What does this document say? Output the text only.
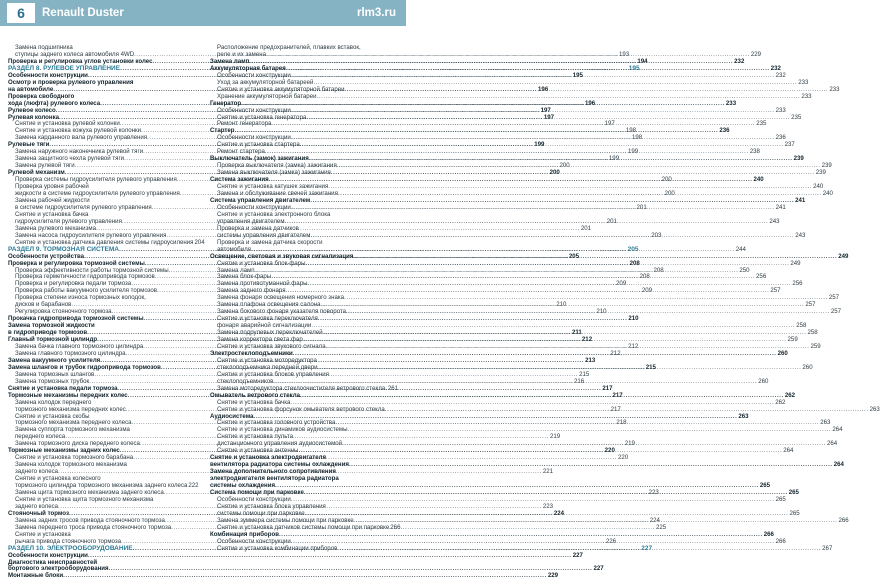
6	Renault Duster	rlm3.ru
Замена подшипника
ступицы заднего колеса автомобиля 4WD .....	193
Проверка и регулировка углов установки колес .....	194
РАЗДЕЛ 8. РУЛЕВОЕ УПРАВЛЕНИЕ .....	195
Особенности конструкции .....	195
Осмотр и проверка рулевого управления
на автомобиле .....	196
Проверка свободного
хода (люфта) рулевого колеса .....	196
Рулевое колесо .....	197
Рулевая колонка .....	197
Снятие и установка рулевой колонки .....	197
Снятие и установка кожуха рулевой колонки .....	198
Замена карданного вала рулевого управления .....	198
Рулевые тяги .....	199
Замена наружного наконечника рулевой тяги .....	199
Замена защитного чехла рулевой тяги .....	199
Замена рулевой тяги .....	200
Рулевой механизм .....	200
Проверка системы гидроусилителя рулевого управления .....	200
Проверка уровня рабочей
жидкости в системе гидроусилителя рулевого управления .....	200
Замена рабочей жидкости
в системе гидроусилителя рулевого управления .....	201
Снятие и установка бачка
гидроусилителя рулевого управления .....	201
Замена рулевого механизма .....	201
Замена насоса гидроусилителя рулевого управления .....	203
Снятие и установка датчика давления системы гидроусиления 204
РАЗДЕЛ 9. ТОРМОЗНАЯ СИСТЕМА .....	205
Особенности устройства .....	205
Проверка и регулировка тормозной системы .....	208
Проверка эффективности работы тормозной системы .....	208
Проверка герметичности гидропривода тормозов .....	208
Проверка и регулировка педали тормоза .....	209
Проверка работы вакуумного усилителя тормозов .....	209
Проверка степени износа тормозных колодок,
дисков и барабанов .....	210
Регулировка стояночного тормоза .....	210
Прокачка гидропривода тормозной системы .....	210
Замена тормозной жидкости
в гидроприводе тормозов .....	211
Главный тормозной цилиндр .....	212
Замена бачка главного тормозного цилиндра .....	212
Замена главного тормозного цилиндра .....	212
Замена вакуумного усилителя .....	213
Замена шлангов и трубок гидропривода тормозов .....	215
Замена тормозных шлангов .....	215
Замена тормозных трубок .....	216
Снятие и установка педали тормоза .....	217
Тормозные механизмы передних колес .....	217
Замена колодок переднего
тормозного механизма передних колес .....	217
Снятие и установка скобы
тормозного механизма переднего колеса .....	218
Замена суппорта тормозного механизма
переднего колеса .....	219
Замена тормозного диска переднего колеса .....	219
Тормозные механизмы задних колес .....	220
Снятие и установка тормозного барабана .....	220
Замена колодок тормозного механизма
заднего колеса .....	221
Снятие и установка колесного
тормозного цилиндра тормозного механизма заднего колеса 222
Замена щита тормозного механизма заднего колеса .....	223
Снятие и установка щита тормозного механизма
заднего колеса .....	223
Стояночный тормоз .....	224
Замена задних тросов привода стояночного тормоза .....	224
Замена переднего троса привода стояночного тормоза .....	225
Снятие и установка
рычага привода стояночного тормоза .....	226
РАЗДЕЛ 10. ЭЛЕКТРООБОРУДОВАНИЕ .....	227
Особенности конструкции .....	227
Диагностика неисправностей
бортового электрооборудования .....	227
Монтажные блоки .....	229
Расположение предохранителей, плавких вставок,
реле и их замена .....	229
Замена ламп .....	232
Аккумуляторная батарея .....	232
Особенности конструкции .....	232
Уход за аккумуляторной батареей .....	233
Снятие и установка аккумуляторной батареи .....	233
Хранение аккумуляторной батареи .....	233
Генератор .....	233
Особенности конструкции .....	233
Снятие и установка генератора .....	235
Ремонт генератора .....	235
Стартер .....	236
Особенности конструкции .....	236
Снятие и установка стартера .....	237
Ремонт стартера .....	238
Выключатель (замок) зажигания .....	239
Проверка выключателя (замка) зажигания .....	239
Замена выключателя (замка) зажигания .....	239
Система зажигания .....	240
Снятие и установка катушек зажигания .....	240
Замена и обслуживание свечей зажигания .....	240
Система управления двигателем .....	241
Особенности конструкции .....	241
Снятие и установка электронного блока
управления двигателем .....	243
Проверка и замена датчиков
системы управления двигателем .....	243
Проверка и замена датчика скорости
автомобиля .....	244
Освещение, световая и звуковая сигнализация .....	249
Снятие и установка блок-фары .....	249
Замена ламп .....	250
Замена блок-фары .....	256
Замена противотуманной фары .....	256
Замена заднего фонаря .....	257
Замена фонаря освещения номерного знака .....	257
Замена плафона освещения салона .....	257
Замена бокового фонаря указателя поворота .....	257
Снятие и установка переключателя
фонаря аварийной сигнализации .....	258
Замена подрулевых переключателей .....	258
Замена корректора света фар .....	259
Снятие и установка звукового сигнала .....	259
Электростеклоподъемники .....	260
Снятие и установка моторедуктора
стеклоподъемника передней двери .....	260
Снятие и установка блоков управления
стеклоподъемников .....	260
Замена моторедуктора стеклоочистителя ветрового стекла ..... 261
Омыватель ветрового стекла .....	262
Снятие и установка бачка .....	262
Снятие и установка форсунок омывателя ветрового стекла .....	263
Аудиосистема .....	263
Снятие и установка головного устройства .....	263
Снятие и установка динамиков аудиосистемы .....	264
Снятие и установка пульта
дистанционного управления аудиосистемой .....	264
Снятие и установка антенны .....	264
Снятие и установка электродвигателя
вентилятора радиатора системы охлаждения .....	264
Замена дополнительного сопротивления
электродвигателя вентилятора радиатора
системы охлаждения .....	265
Система помощи при парковке .....	265
Особенности конструкции .....	265
Снятие и установка блока управления
системы помощи при парковке .....	265
Замена зуммера системы помощи при парковке .....	266
Снятие и установка датчиков системы помощи при парковке 266
Комбинация приборов .....	266
Особенности конструкции .....	266
Снятие и установка комбинации приборов .....	267
